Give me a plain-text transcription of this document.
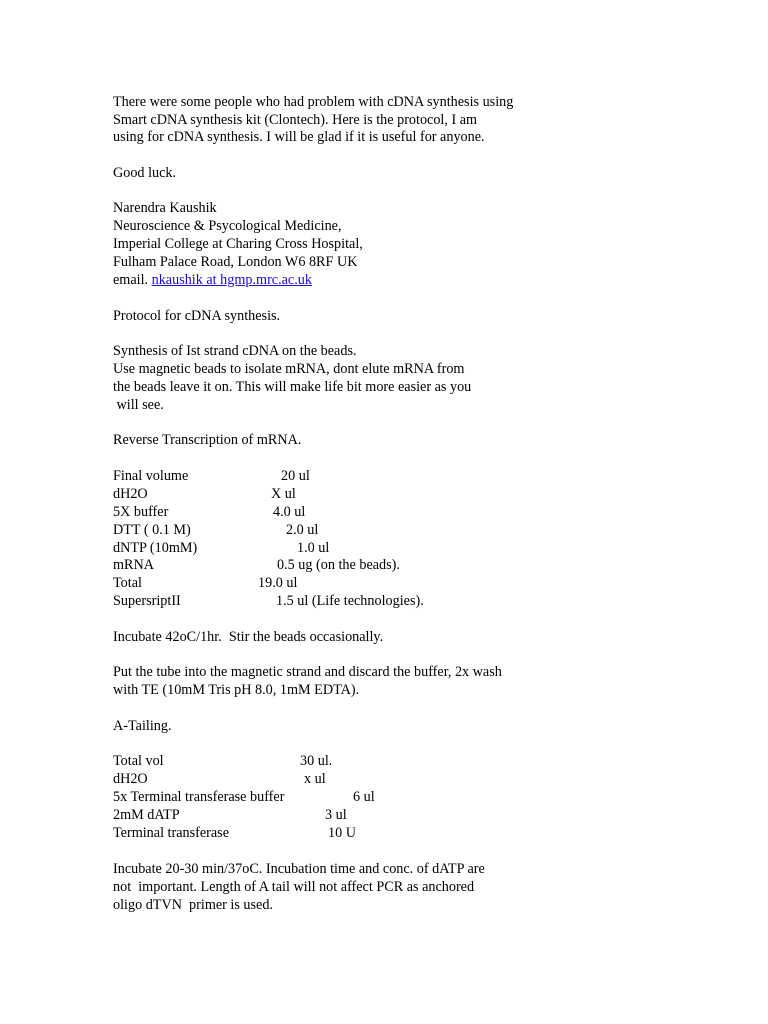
There were some people who had problem with cDNA synthesis using
Smart cDNA synthesis kit (Clontech). Here is the protocol, I am
using for cDNA synthesis. I will be glad if it is useful for anyone.
Good luck.
Narendra Kaushik
Neuroscience & Psycological Medicine,
Imperial College at Charing Cross Hospital,
Fulham Palace Road, London W6 8RF UK
email. nkaushik at hgmp.mrc.ac.uk
Protocol for cDNA synthesis.
Synthesis of Ist strand cDNA on the beads.
Use magnetic beads to isolate mRNA, dont elute mRNA from
the beads leave it on. This will make life bit more easier as you
will see.
Reverse Transcription of mRNA.
Final volume	20 ul
dH2O	X ul
5X buffer	4.0 ul
DTT ( 0.1 M)	2.0 ul
dNTP (10mM)	1.0 ul
mRNA	0.5 ug (on the beads).
Total	19.0 ul
SupersriptII	1.5 ul (Life technologies).
Incubate 42oC/1hr.  Stir the beads occasionally.
Put the tube into the magnetic strand and discard the buffer, 2x wash
with TE (10mM Tris pH 8.0, 1mM EDTA).
A-Tailing.
Total vol	30 ul.
dH2O	x ul
5x Terminal transferase buffer	6 ul
2mM dATP	3 ul
Terminal transferase	10 U
Incubate 20-30 min/37oC. Incubation time and conc. of dATP are
not  important. Length of A tail will not affect PCR as anchored
oligo dTVN  primer is used.
